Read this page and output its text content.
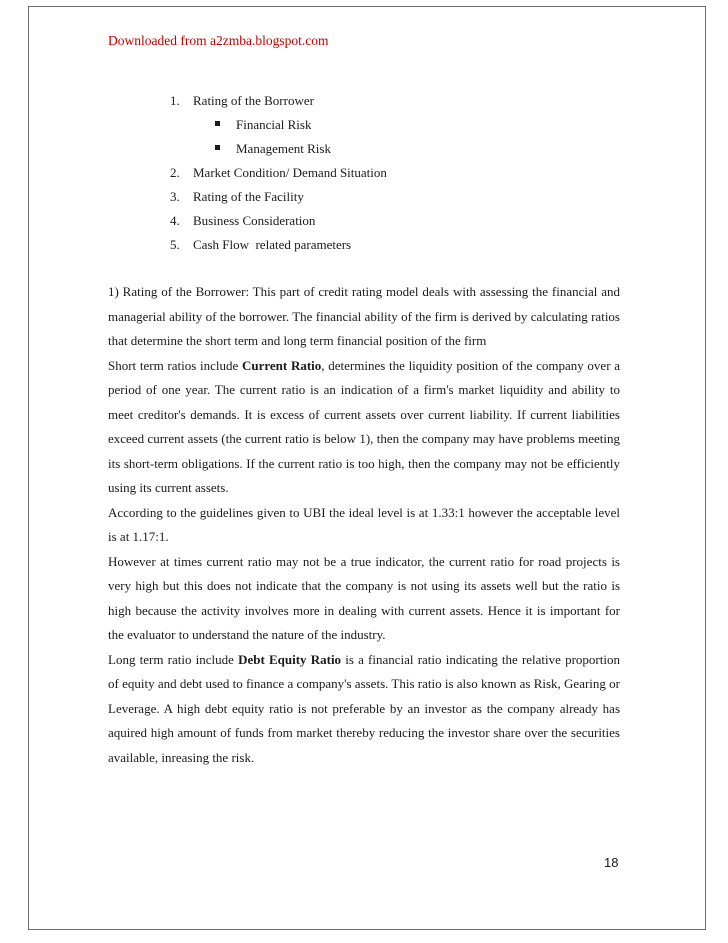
Downloaded from a2zmba.blogspot.com
1. Rating of the Borrower
Financial Risk
Management Risk
2. Market Condition/ Demand Situation
3. Rating of the Facility
4. Business Consideration
5. Cash Flow  related parameters

1) Rating of the Borrower: This part of credit rating model deals with assessing the financial and managerial ability of the borrower. The financial ability of the firm is derived by calculating ratios that determine the short term and long term financial position of the firm

Short term ratios include Current Ratio, determines the liquidity position of the company over a period of one year. The current ratio is an indication of a firm's market liquidity and ability to meet creditor's demands. It is excess of current assets over current liability. If current liabilities exceed current assets (the current ratio is below 1), then the company may have problems meeting its short-term obligations. If the current ratio is too high, then the company may not be efficiently using its current assets.

According to the guidelines given to UBI the ideal level is at 1.33:1 however the acceptable level is at 1.17:1.

However at times current ratio may not be a true indicator, the current ratio for road projects is very high but this does not indicate that the company is not using its assets well but the ratio is high because the activity involves more in dealing with current assets. Hence it is important for the evaluator to understand the nature of the industry.

Long term ratio include Debt Equity Ratio is a financial ratio indicating the relative proportion of equity and debt used to finance a company's assets. This ratio is also known as Risk, Gearing or Leverage. A high debt equity ratio is not preferable by an investor as the company already has aquired high amount of funds from market thereby reducing the investor share over the securities available, inreasing the risk.

18
